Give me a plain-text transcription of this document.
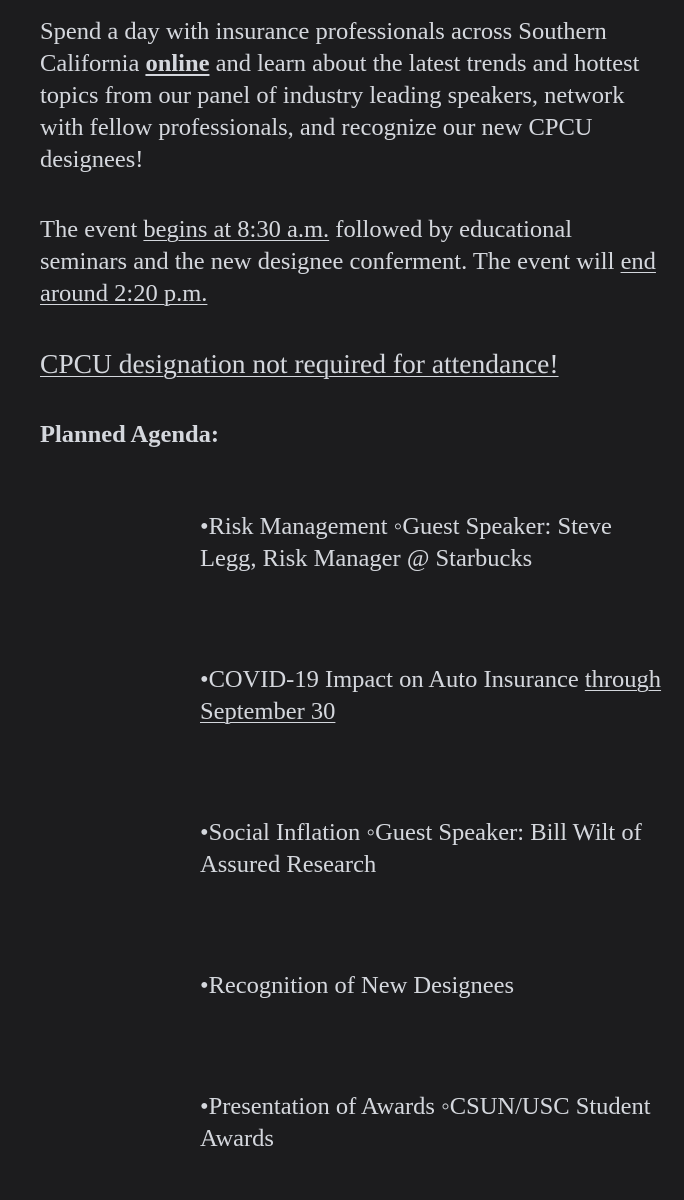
Spend a day with insurance professionals across Southern California online and learn about the latest trends and hottest topics from our panel of industry leading speakers, network with fellow professionals, and recognize our new CPCU designees!

The event begins at 8:30 a.m. followed by educational seminars and the new designee conferment. The event will end around 2:20 p.m.

CPCU designation not required for attendance!

Planned Agenda:

•Risk Management ◦Guest Speaker: Steve Legg, Risk Manager @ Starbucks

•COVID-19 Impact on Auto Insurance through September 30

•Social Inflation ◦Guest Speaker: Bill Wilt of Assured Research

•Recognition of New Designees

•Presentation of Awards ◦CSUN/USC Student Awards
